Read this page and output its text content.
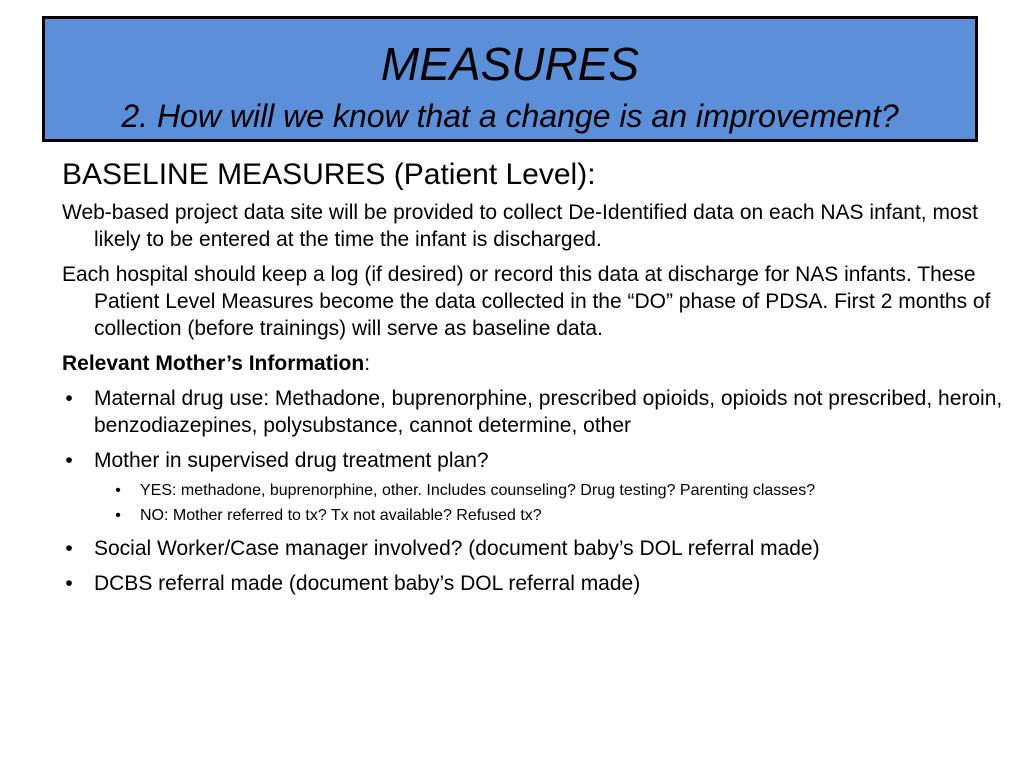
MEASURES
2. How will we know that a change is an improvement?
BASELINE MEASURES (Patient Level):
Web-based project data site will be provided to collect De-Identified data on each NAS infant, most likely to be entered at the time the infant is discharged.
Each hospital should keep a log (if desired) or record this data at discharge for NAS infants. These Patient Level Measures become the data collected in the “DO” phase of PDSA. First 2 months of collection (before trainings) will serve as baseline data.
Relevant Mother’s Information:
• Maternal drug use: Methadone, buprenorphine, prescribed opioids, opioids not prescribed, heroin, benzodiazepines, polysubstance, cannot determine, other
• Mother in supervised drug treatment plan?
• YES: methadone, buprenorphine, other. Includes counseling? Drug testing? Parenting classes?
• NO: Mother referred to tx? Tx not available? Refused tx?
• Social Worker/Case manager involved? (document baby’s DOL referral made)
• DCBS referral made (document baby’s DOL referral made)
